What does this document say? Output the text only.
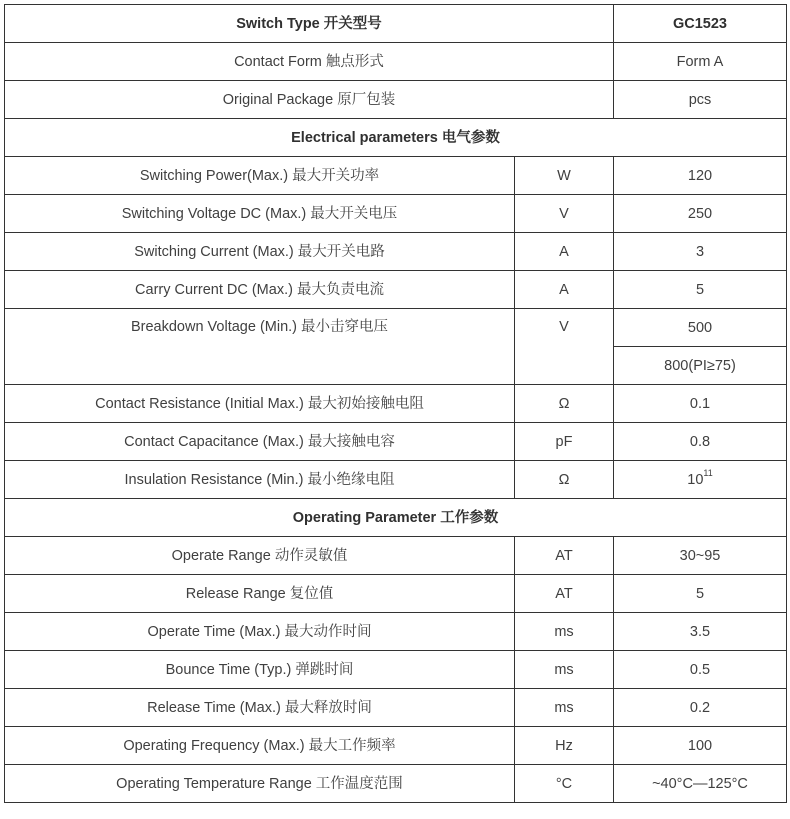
Switch Type 开关型号		GC1523
Contact Form 触点形式		Form A
Original Package 原厂包装		pcs
Electrical parameters 电气参数		
Switching Power(Max.) 最大开关功率	W	120
Switching Voltage DC (Max.) 最大开关电压	V	250
Switching Current (Max.) 最大开关电路	A	3
Carry Current DC (Max.) 最大负责电流	A	5
Breakdown Voltage (Min.) 最小击穿电压	V	500
		800(PI≥75)
Contact Resistance (Initial Max.) 最大初始接触电阻	Ω	0.1
Contact Capacitance (Max.) 最大接触电容	pF	0.8
Insulation Resistance (Min.) 最小绝缘电阻	Ω	$10^{11}$
Operating Parameter 工作参数		
Operate Range 动作灵敏值	AT	30~95
Release Range 复位值	AT	5
Operate Time (Max.) 最大动作时间	ms	3.5
Bounce Time (Typ.) 弹跳时间	ms	0.5
Release Time (Max.) 最大释放时间	ms	0.2
Operating Frequency (Max.) 最大工作频率	Hz	100
Operating Temperature Range 工作温度范围	°C	~40°C—125°C
